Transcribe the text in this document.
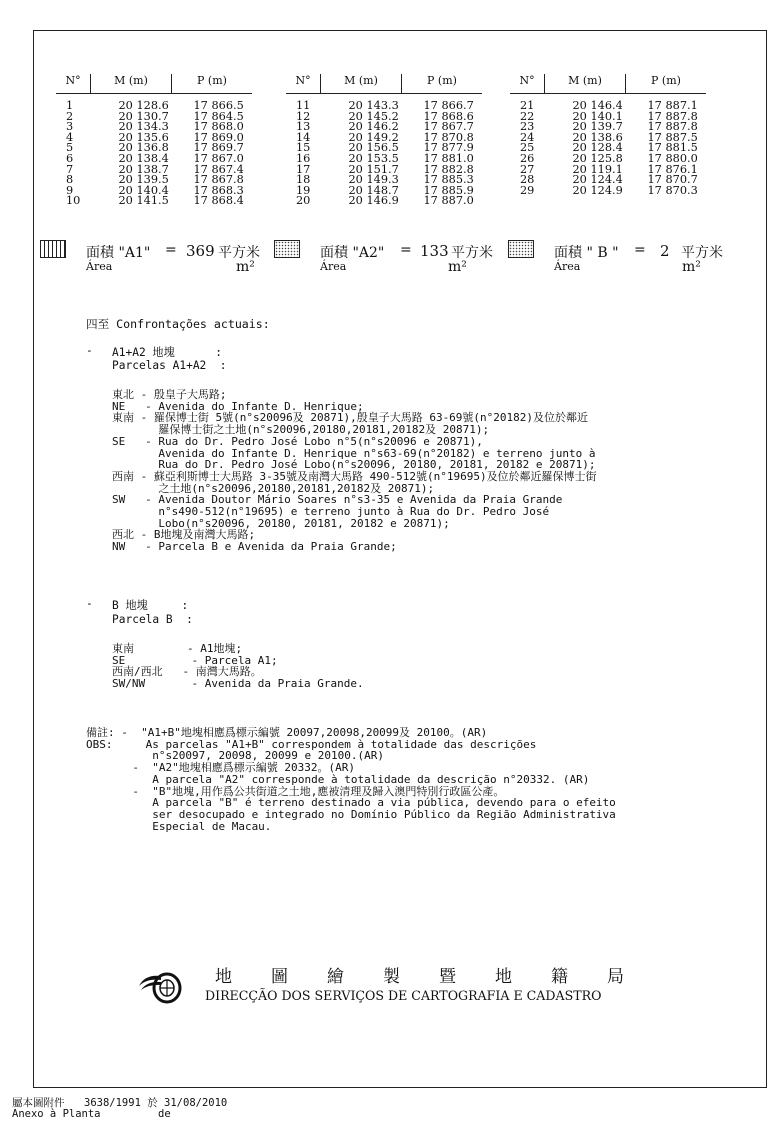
N°	M (m)	P (m)
1	20 128.6	17 866.5
2	20 130.7	17 864.5
3	20 134.3	17 868.0
4	20 135.6	17 869.0
5	20 136.8	17 869.7
6	20 138.4	17 867.0
7	20 138.7	17 867.4
8	20 139.5	17 867.8
9	20 140.4	17 868.3
10	20 141.5	17 868.4
N°	M (m)	P (m)
11	20 143.3	17 866.7
12	20 145.2	17 868.6
13	20 146.2	17 867.7
14	20 149.2	17 870.8
15	20 156.5	17 877.9
16	20 153.5	17 881.0
17	20 151.7	17 882.8
18	20 149.3	17 885.3
19	20 148.7	17 885.9
20	20 146.9	17 887.0
N°	M (m)	P (m)
21	20 146.4	17 887.1
22	20 140.1	17 887.8
23	20 139.7	17 887.8
24	20 138.6	17 887.5
25	20 128.4	17 881.5
26	20 125.8	17 880.0
27	20 119.1	17 876.1
28	20 124.4	17 870.7
29	20 124.9	17 870.3
面積 "A1"
Área
= 369 平方米
m²
面積 "A2"
Área
= 133 平方米
m²
面積 " B "
Área
= 2 平方米
m²
四至 Confrontações actuais:
- A1+A2 地塊      :
Parcelas A1+A2  :
東北 - 殷皇子大馬路;
NE   - Avenida do Infante D. Henrique;
東南 - 羅保博士街 5號(n°s20096及 20871),殷皇子大馬路 63-69號(n°20182)及位於鄰近
羅保博士街之土地(n°s20096,20180,20181,20182及 20871);
SE   - Rua do Dr. Pedro José Lobo n°5(n°s20096 e 20871),
Avenida do Infante D. Henrique n°s63-69(n°20182) e terreno junto à
Rua do Dr. Pedro José Lobo(n°s20096, 20180, 20181, 20182 e 20871);
西南 - 蘇亞利斯博士大馬路 3-35號及南灣大馬路 490-512號(n°19695)及位於鄰近羅保博士街
之土地(n°s20096,20180,20181,20182及 20871);
SW   - Avenida Doutor Mário Soares n°s3-35 e Avenida da Praia Grande
n°s490-512(n°19695) e terreno junto à Rua do Dr. Pedro José
Lobo(n°s20096, 20180, 20181, 20182 e 20871);
西北 - B地塊及南灣大馬路;
NW   - Parcela B e Avenida da Praia Grande;
- B 地塊     :
Parcela B  :
東南        - A1地塊;
SE          - Parcela A1;
西南/西北   - 南灣大馬路。
SW/NW       - Avenida da Praia Grande.
備註: -  "A1+B"地塊相應爲標示編號 20097,20098,20099及 20100。(AR)
OBS:     As parcelas "A1+B" correspondem à totalidade das descrições
n°s20097, 20098, 20099 e 20100.(AR)
-  "A2"地塊相應爲標示編號 20332。(AR)
A parcela "A2" corresponde à totalidade da descrição n°20332. (AR)
-  "B"地塊,用作爲公共街道之土地,應被清理及歸入澳門特別行政區公產。
A parcela "B" é terreno destinado a via pública, devendo para o efeito
ser desocupado e integrado no Domínio Público da Região Administrativa
Especial de Macau.
地圖繪製暨地籍局
DIRECÇÃO DOS SERVIÇOS DE CARTOGRAFIA E CADASTRO
屬本圖附件
Anexo à Planta
3638/1991 於 31/08/2010
de
